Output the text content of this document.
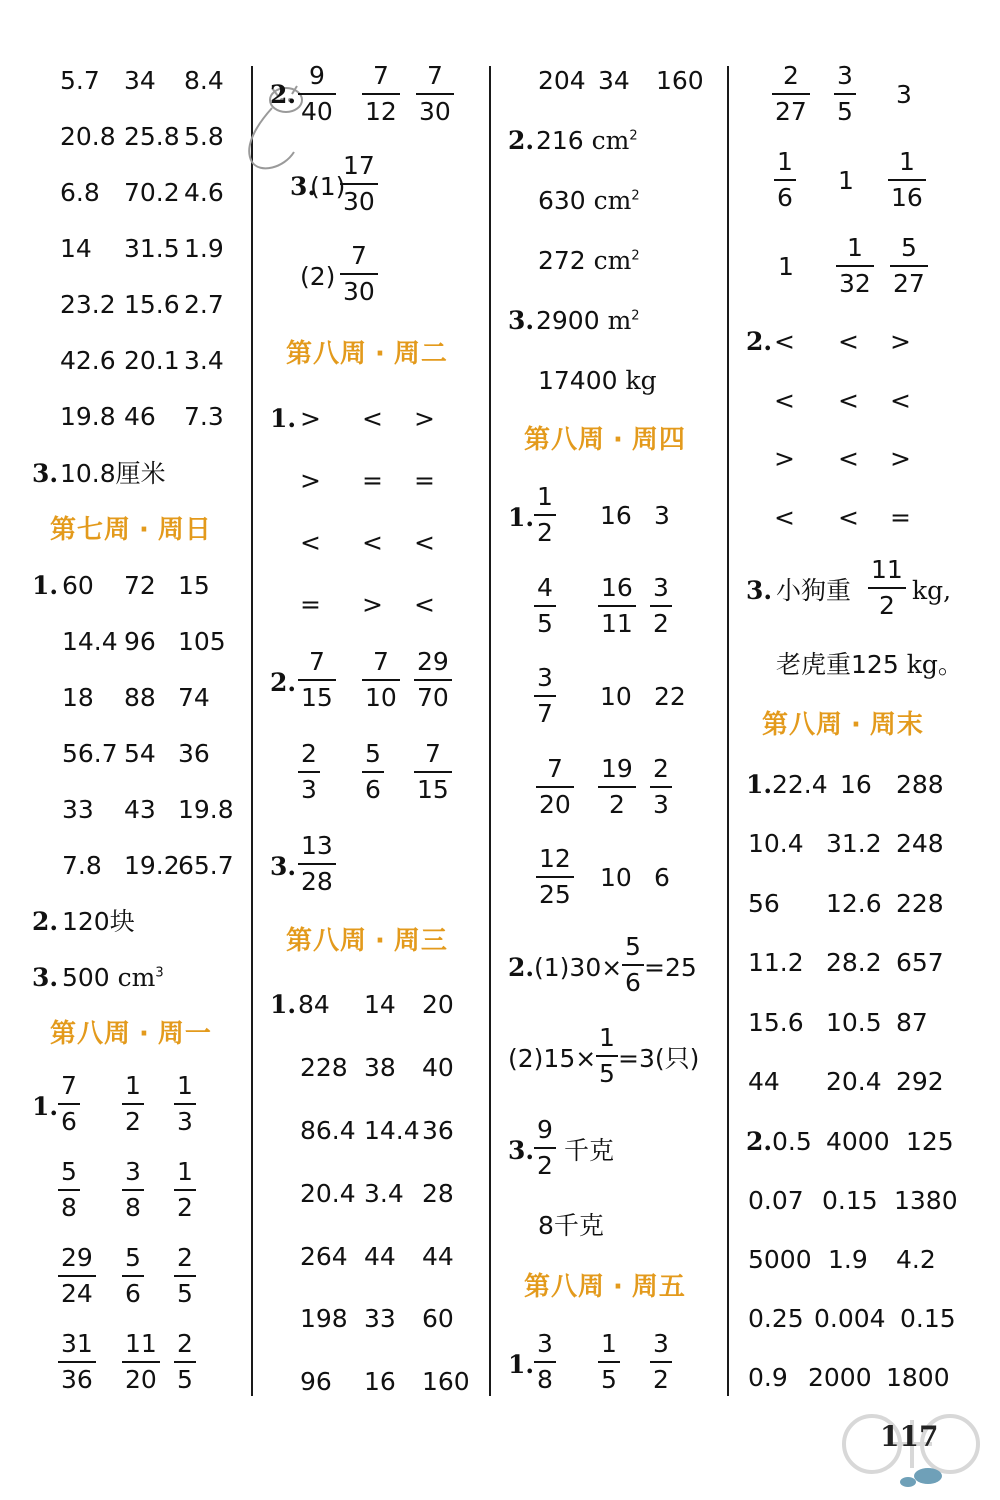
5.7 34 8.4
20.8 25.8 5.8
6.8 70.2 4.6
14 31.5 1.9
23.2 15.6 2.7
42.6 20.1 3.4
19.8 46 7.3
3. 10.8厘米
第七周 · 周日
1. 60 72 15
14.4 96 105
18 88 74
56.7 54 36
33 43 19.8
7.8 19.2
65.7
2. 120块
3. 500 $cm^3$
第八周 · 周一
1. $\frac{7}{6} \frac{1}{2} \frac{1}{3}$
$\frac{5}{8} \frac{3}{8} \frac{1}{2}$
$\frac{29}{24} \frac{5}{6} \frac{2}{5}$
$\frac{31}{36} \frac{11}{20} \frac{2}{5}$
2. $\frac{9}{40} \frac{7}{12} \frac{7}{30}$
3.
(1)
$\frac{17}{30}$
$(2) \frac{7}{30}$
第八周 · 周二
1. > < >
> = =
< < <
= > <
2. $\frac{7}{15} \frac{7}{10} \frac{29}{70}$
$\frac{2}{3} \frac{5}{6} \frac{7}{15}$
3. $\frac{13}{28}$
第八周 · 周三
1. 84 14 20
228 38 40
86.4 14.4 36
20.4 3.4 28
264 44 44
198 33 60
96 16 160
204 34 160
2. 216 $cm^2$
630 $cm^2$
272 $cm^2$
3. 2900 $m^2$
17400 kg
第八周 · 周四
1. $\frac{1}{2} 16$ 3
$\frac{4}{5} \frac{16}{11} \frac{3}{2}$
$\frac{3}{7} 10$ 22
$\frac{7}{20} \frac{19}{2} \frac{2}{3}$
$\frac{12}{25} 10$ 6
2. $(1)30\times \frac{5}{6} =25$
$(2)15\times \frac{1}{5} =3$(只)
3. $\frac{9}{2}$ 千克
8千克
第八周 · 周五
1. $\frac{3}{8} \frac{1}{5} \frac{3}{2}$
$\frac{2}{27} \frac{3}{5} 3$
$\frac{1}{6} 1 \frac{1}{16}$
$1 \frac{1}{32} \frac{5}{27}$
2. < < >
< < <
> < >
< < =
3. 小狗重 $\frac{11}{2}$ kg,
老虎重125 kg。
第八周 · 周末
1. 22.4 16 288
10.4 31.2 248
56 12.6 228
11.2 28.2 657
15.6 10.5 87
44 20.4 292
2. 0.5 4000 125
0.07 0.15 1380
5000 1.9 4.2
0.25 0.004 0.15
0.9 2000 1800
117
